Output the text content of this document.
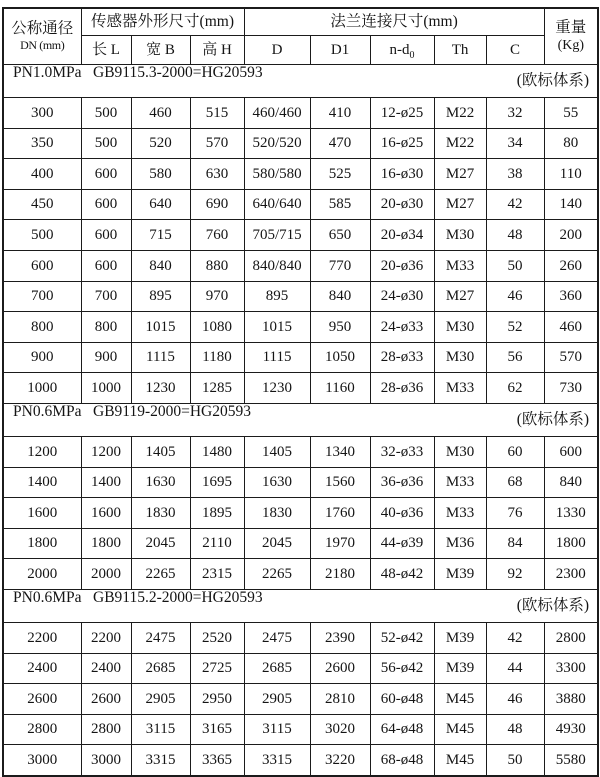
公称通径
DN (mm)
	传感器外形尺寸(mm)	法兰连接尺寸(mm)	重量
(Kg)

	长 L	宽 B	高 H	D	D1	$n-d_0$	Th	C	

(欧标体系)
PN1.0MPa GB9115.3-2000=HG20593									
300	500	460	515	460/460	410	12-ø25	M22	32	55
350	500	520	570	520/520	470	16-ø25	M22	34	80
400	600	580	630	580/580	525	16-ø30	M27	38	110
450	600	640	690	640/640	585	20-ø30	M27	42	140
500	600	715	760	705/715	650	20-ø34	M30	48	200
600	600	840	880	840/840	770	20-ø36	M33	50	260
700	700	895	970	895	840	24-ø30	M27	46	360
800	800	1015	1080	1015	950	24-ø33	M30	52	460
900	900	1115	1180	1115	1050	28-ø33	M30	56	570
1000	1000	1230	1285	1230	1160	28-ø36	M33	62	730

(欧标体系)
PN0.6MPa GB9119-2000=HG20593									
1200	1200	1405	1480	1405	1340	32-ø33	M30	60	600
1400	1400	1630	1695	1630	1560	36-ø36	M33	68	840
1600	1600	1830	1895	1830	1760	40-ø36	M33	76	1330
1800	1800	2045	2110	2045	1970	44-ø39	M36	84	1800
2000	2000	2265	2315	2265	2180	48-ø42	M39	92	2300

(欧标体系)
PN0.6MPa GB9115.2-2000=HG20593									
2200	2200	2475	2520	2475	2390	52-ø42	M39	42	2800
2400	2400	2685	2725	2685	2600	56-ø42	M39	44	3300
2600	2600	2905	2950	2905	2810	60-ø48	M45	46	3880
2800	2800	3115	3165	3115	3020	64-ø48	M45	48	4930
3000	3000	3315	3365	3315	3220	68-ø48	M45	50	5580
